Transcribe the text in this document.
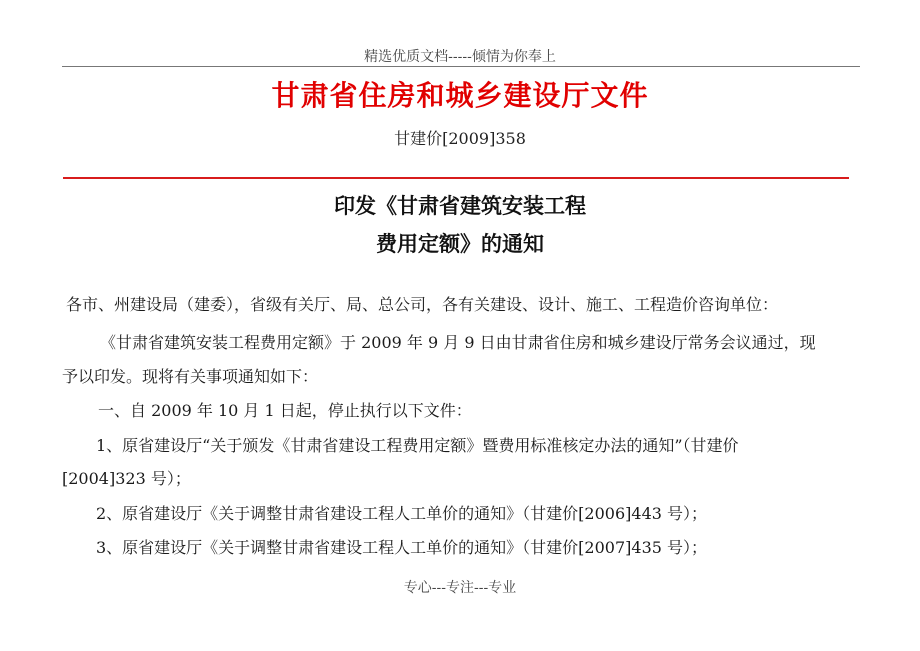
精选优质文档-----倾情为你奉上
甘肃省住房和城乡建设厅文件
甘建价[2009]358
印发《甘肃省建筑安装工程
费用定额》的通知
各市、州建设局（建委），省级有关厅、局、总公司，各有关建设、设计、施工、工程造价咨询单位：
《甘肃省建筑安装工程费用定额》于 2009 年 9 月 9 日由甘肃省住房和城乡建设厅常务会议通过，现
予以印发。现将有关事项通知如下：
一、自 2009 年 10 月 1 日起，停止执行以下文件：
1、原省建设厅“关于颁发《甘肃省建设工程费用定额》暨费用标准核定办法的通知”（甘建价
[2004]323 号）；
2、原省建设厅《关于调整甘肃省建设工程人工单价的通知》（甘建价[2006]443 号）；
3、原省建设厅《关于调整甘肃省建设工程人工单价的通知》（甘建价[2007]435 号）；
专心---专注---专业
